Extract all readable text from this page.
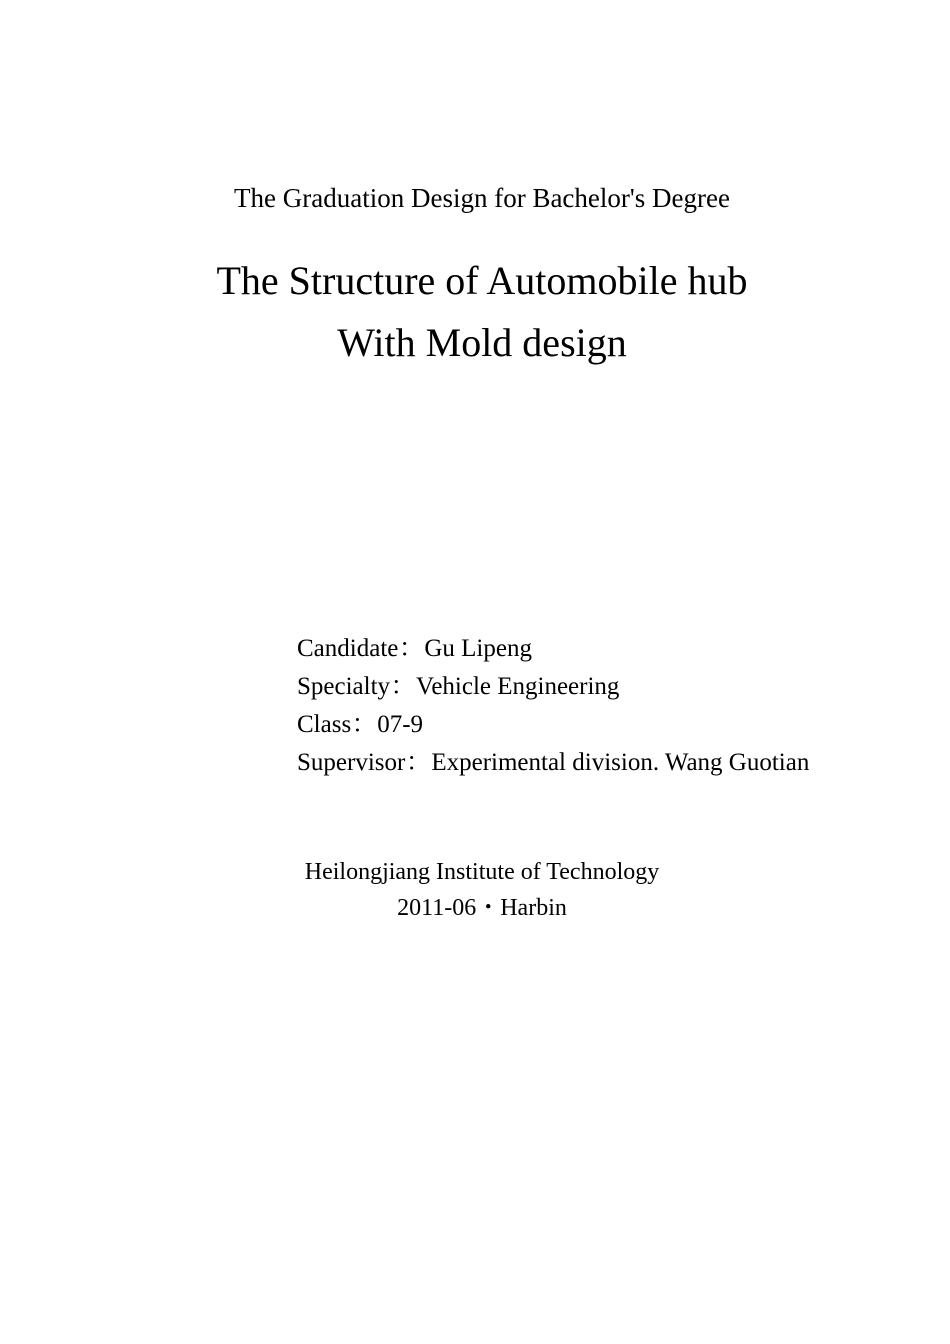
The Graduation Design for Bachelor's Degree
The Structure of Automobile hub
With Mold design
Candidate：Gu Lipeng
Specialty：Vehicle Engineering
Class：07-9
Supervisor：Experimental division. Wang Guotian
Heilongjiang Institute of Technology
2011-06・Harbin
